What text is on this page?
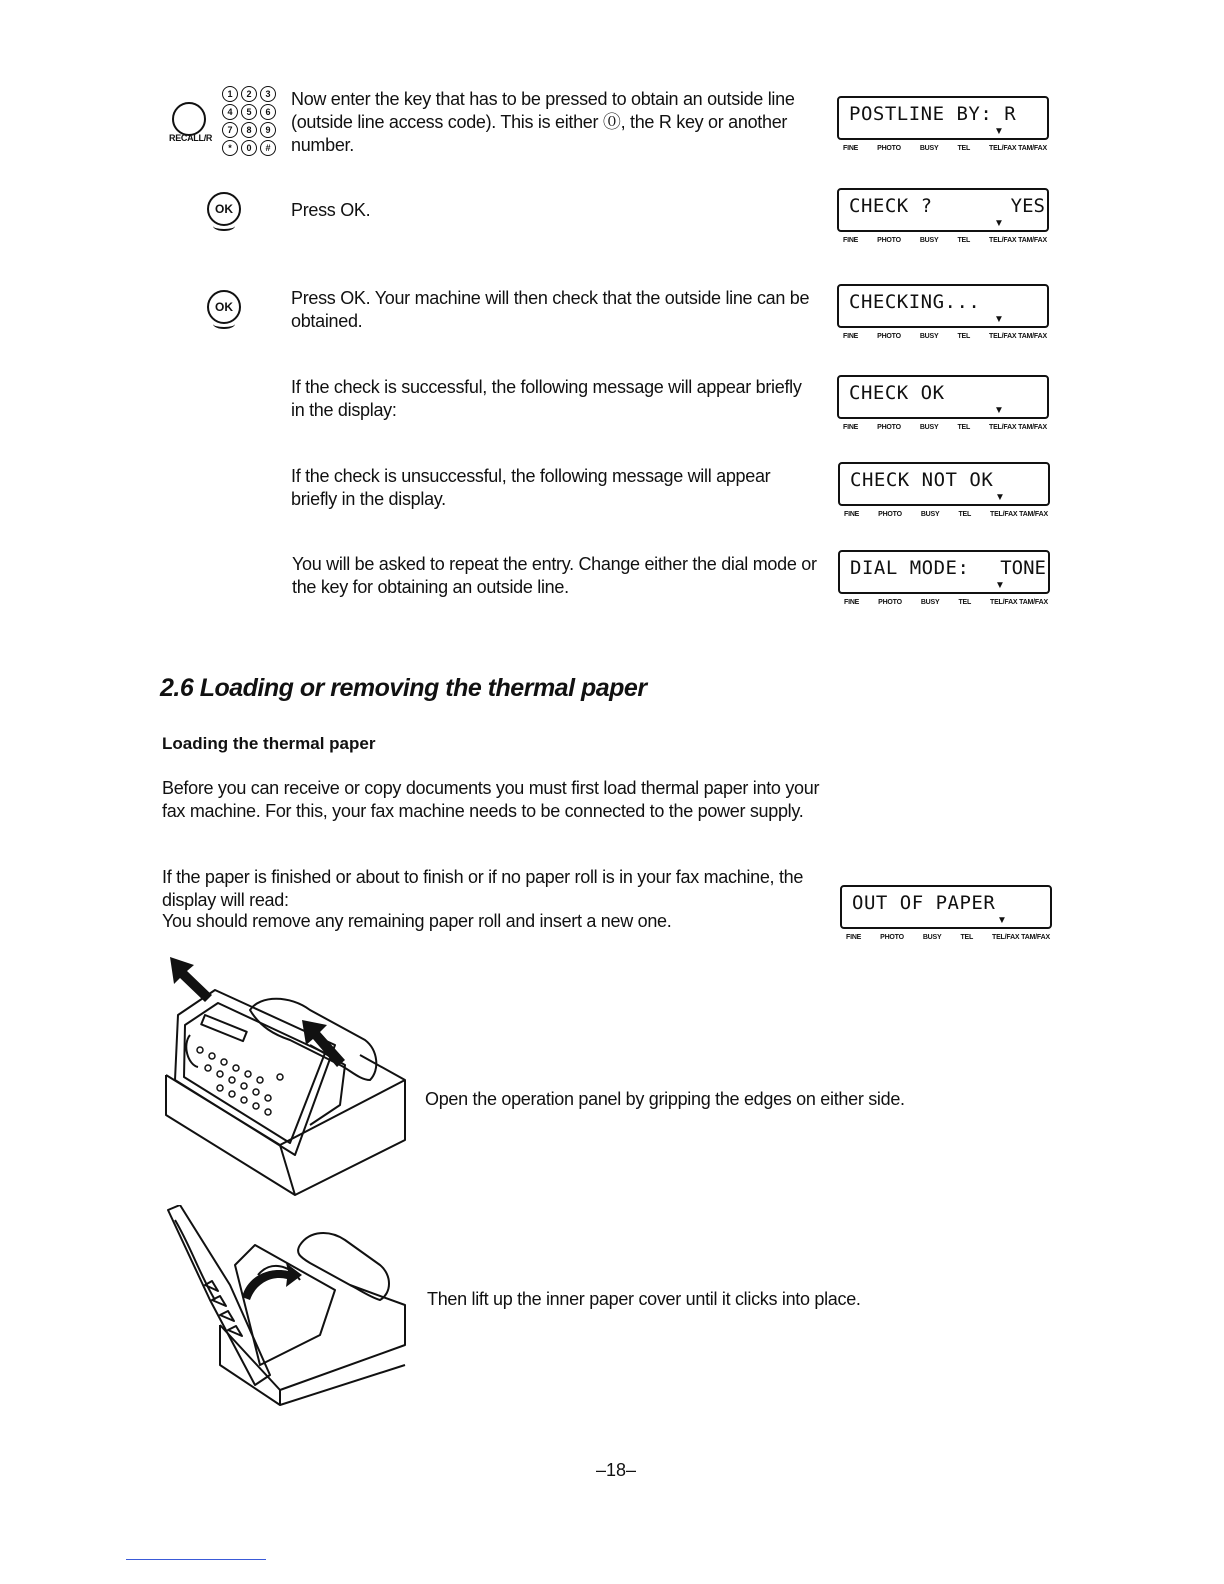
RECALL/R
1	2	3
4	5	6
7	8	9
*	0	#
Now enter the key that has to be pressed to obtain an outside line (outside line access code). This is either ⓪, the R key or another number.
POSTLINE BY: R
▼
FINE	PHOTO	BUSY	TEL	TEL/FAX TAM/FAX
OK	Press OK.	CHECK ?	YES
▼
FINE	PHOTO	BUSY	TEL	TEL/FAX TAM/FAX
OK	Press OK. Your machine will then check that the outside line can be obtained.
CHECKING...
▼
FINE	PHOTO	BUSY	TEL	TEL/FAX TAM/FAX
If the check is successful, the following message will appear briefly in the display:
CHECK OK
▼
FINE	PHOTO	BUSY	TEL	TEL/FAX TAM/FAX
If the check is unsuccessful, the following message will appear briefly in the display.
CHECK NOT OK
▼
FINE	PHOTO	BUSY	TEL	TEL/FAX TAM/FAX
You will be asked to repeat the entry. Change either the dial mode or the key for obtaining an outside line.
DIAL MODE: TONE
▼
FINE	PHOTO	BUSY	TEL	TEL/FAX TAM/FAX
2.6 Loading or removing the thermal paper
Loading the thermal paper
Before you can receive or copy documents you must first load thermal paper into your fax machine. For this, your fax machine needs to be connected to the power supply.
If the paper is finished or about to finish or if no paper roll is in your fax machine, the display will read:
You should remove any remaining paper roll and insert a new one.
OUT OF PAPER
▼
FINE	PHOTO	BUSY	TEL	TEL/FAX TAM/FAX
Open the operation panel by gripping the edges on either side.
Then lift up the inner paper cover until it clicks into place.
–18–
